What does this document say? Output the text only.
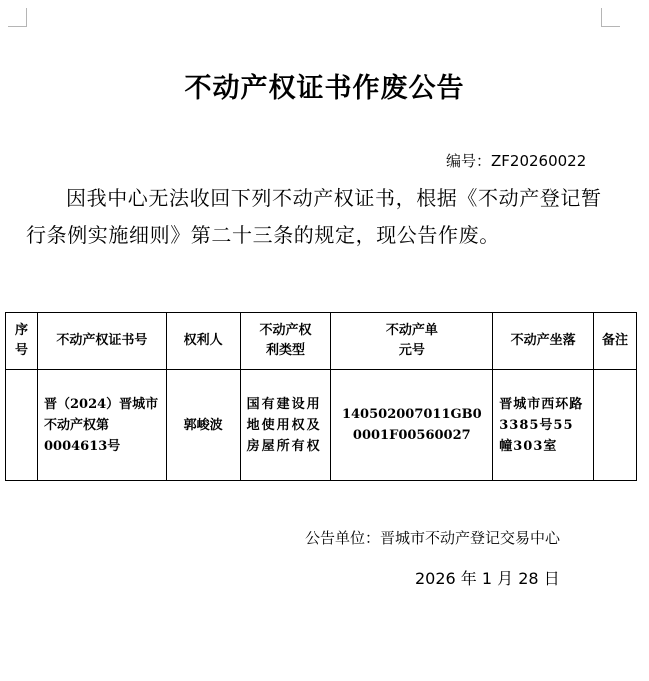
不动产权证书作废公告
编号：ZF20260022
因我中心无法收回下列不动产权证书，根据《不动产登记暂行条例实施细则》第二十三条的规定，现公告作废。
序号	不动产权证书号	权利人	不动产权利类型	不动产单元号	不动产坐落	备注
	晋（2024）晋城市不动产权第0004613号	郭峻波	国有建设用地使用权及房屋所有权	140502007011GB00001F00560027	晋城市西环路3385号55幢303室	
公告单位：晋城市不动产登记交易中心
2026 年 1 月 28 日
